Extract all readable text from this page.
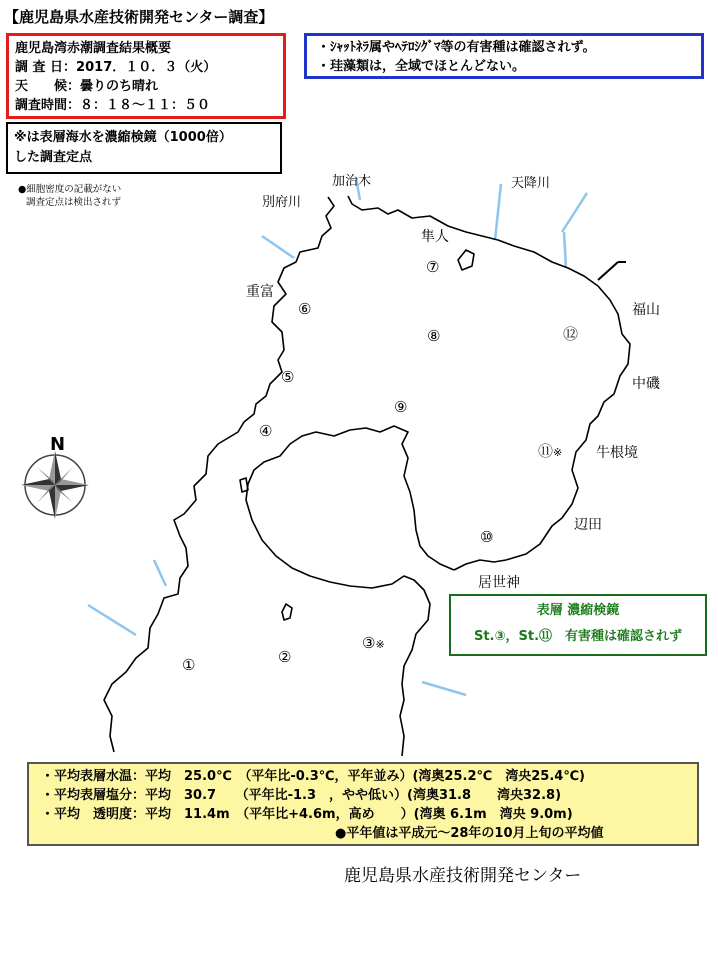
【鹿児島県水産技術開発センター調査】
鹿児島湾赤潮調査結果概要
調 査 日：2017．１０．３（火）
天　　候：曇りのち晴れ
調査時間：８：１８～１１：５０
・ｼｬｯﾄﾈﾗ属やﾍﾃﾛｼｸﾞﾏ等の有害種は確認されず。
・珪藻類は，全域でほとんどない。
※は表層海水を濃縮検鏡（1000倍）
した調査定点
●細胞密度の記載がない
調査定点は検出されず
N
加治木
別府川
天降川
隼人
重富
福山
中磯
牛根境
辺田
居世神
①	②
③※
④
⑤
⑥
⑦
⑧
⑨
⑩
⑪※
⑫
表層 濃縮検鏡
St.③，St.⑪　有害種は確認されず
・平均表層水温：平均　25.0℃　（平年比-0.3℃，平年並み）(湾奥25.2℃　湾央25.4℃)
・平均表層塩分：平均　30.7　　（平年比-1.3　，やや低い）(湾奥31.8　　湾央32.8)
・平均　透明度：平均　11.4m　（平年比+4.6m，高め　　）(湾奥 6.1m　湾央 9.0m)
●平年値は平成元～28年の10月上旬の平均値
鹿児島県水産技術開発センター
